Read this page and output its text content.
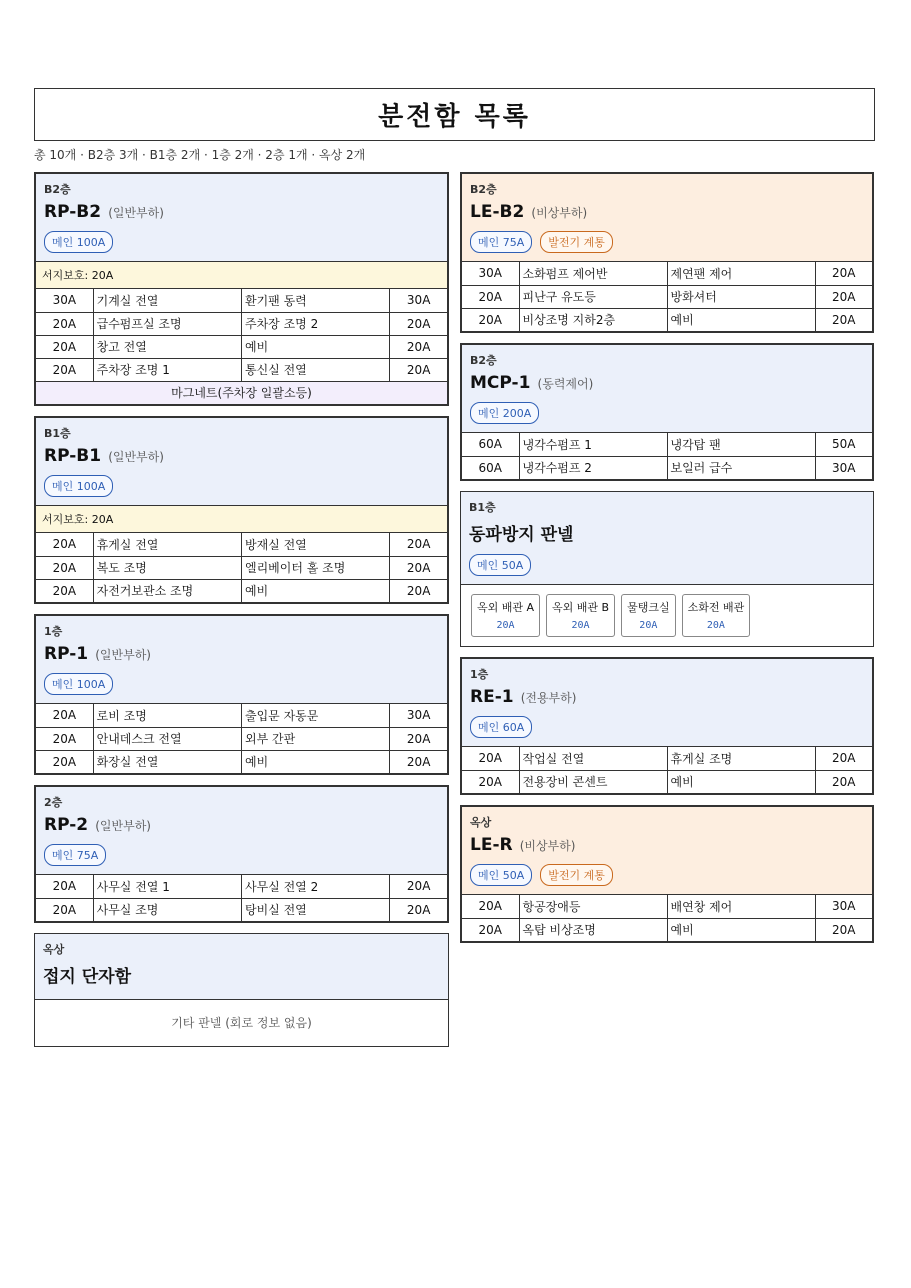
분전함 목록
총 10개 · B2층 3개 · B1층 2개 · 1층 2개 · 2층 1개 · 옥상 2개
B2층
RP-B2 (일반부하)
메인 100A
서지보호: 20A
30A	기계실 전열	환기팬 동력	30A
20A	급수펌프실 조명	주차장 조명 2	20A
20A	창고 전열	예비	20A
20A	주차장 조명 1	통신실 전열	20A
마그네트(주차장 일괄소등)
B1층
RP-B1 (일반부하)
메인 100A
서지보호: 20A
20A	휴게실 전열	방재실 전열	20A
20A	복도 조명	엘리베이터 홀 조명	20A
20A	자전거보관소 조명	예비	20A
1층
RP-1 (일반부하)
메인 100A
20A	로비 조명	출입문 자동문	30A
20A	안내데스크 전열	외부 간판	20A
20A	화장실 전열	예비	20A
2층
RP-2 (일반부하)
메인 75A
20A	사무실 전열 1	사무실 전열 2	20A
20A	사무실 조명	탕비실 전열	20A
옥상
접지 단자함
기타 판넬 (회로 정보 없음)
B2층
LE-B2 (비상부하)
메인 75A	발전기 계통
30A	소화펌프 제어반	제연팬 제어	20A
20A	피난구 유도등	방화셔터	20A
20A	비상조명 지하2층	예비	20A
B2층
MCP-1 (동력제어)
메인 200A
60A	냉각수펌프 1	냉각탑 팬	50A
60A	냉각수펌프 2	보일러 급수	30A
B1층
동파방지 판넬
메인 50A
옥외 배관 A
20A
옥외 배관 B
20A
물탱크실
20A
소화전 배관
20A
1층
RE-1 (전용부하)
메인 60A
20A	작업실 전열	휴게실 조명	20A
20A	전용장비 콘센트	예비	20A
옥상
LE-R (비상부하)
메인 50A	발전기 계통
20A	항공장애등	배연창 제어	30A
20A	옥탑 비상조명	예비	20A
